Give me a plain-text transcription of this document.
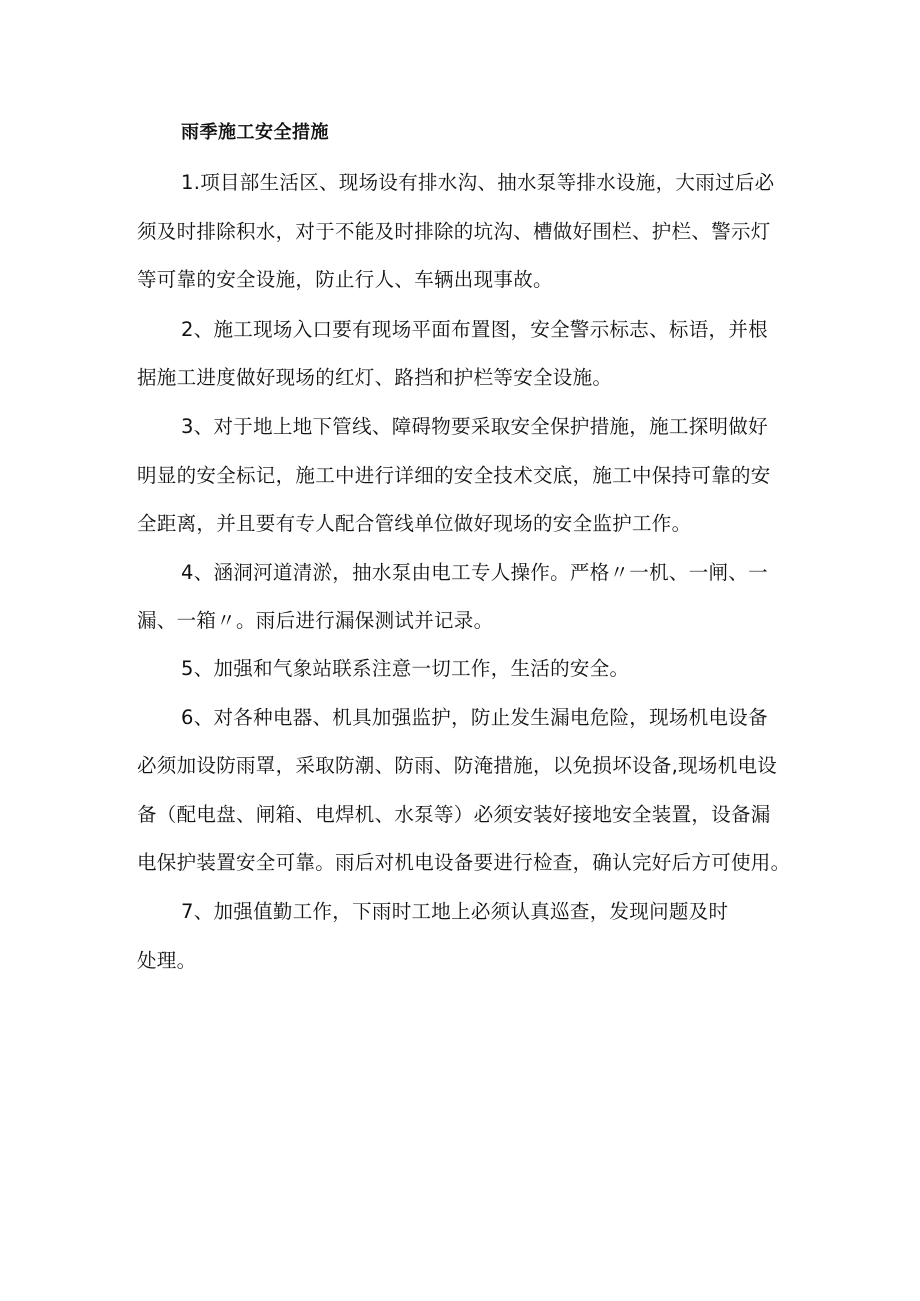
雨季施工安全措施
1.项目部生活区、现场设有排水沟、抽水泵等排水设施，大雨过后必
须及时排除积水，对于不能及时排除的坑沟、槽做好围栏、护栏、警示灯
等可靠的安全设施，防止行人、车辆出现事故。
2、施工现场入口要有现场平面布置图，安全警示标志、标语，并根
据施工进度做好现场的红灯、路挡和护栏等安全设施。
3、对于地上地下管线、障碍物要采取安全保护措施，施工探明做好
明显的安全标记，施工中进行详细的安全技术交底，施工中保持可靠的安
全距离，并且要有专人配合管线单位做好现场的安全监护工作。
4、涵洞河道清淤，抽水泵由电工专人操作。严格〃一机、一闸、一
漏、一箱〃。雨后进行漏保测试并记录。
5、加强和气象站联系注意一切工作，生活的安全。
6、对各种电器、机具加强监护，防止发生漏电危险，现场机电设备
必须加设防雨罩，采取防潮、防雨、防淹措施，以免损坏设备,现场机电设
备（配电盘、闸箱、电焊机、水泵等）必须安装好接地安全装置，设备漏
电保护装置安全可靠。雨后对机电设备要进行检查，确认完好后方可使用。
7、加强值勤工作，下雨时工地上必须认真巡查，发现问题及时
处理。
